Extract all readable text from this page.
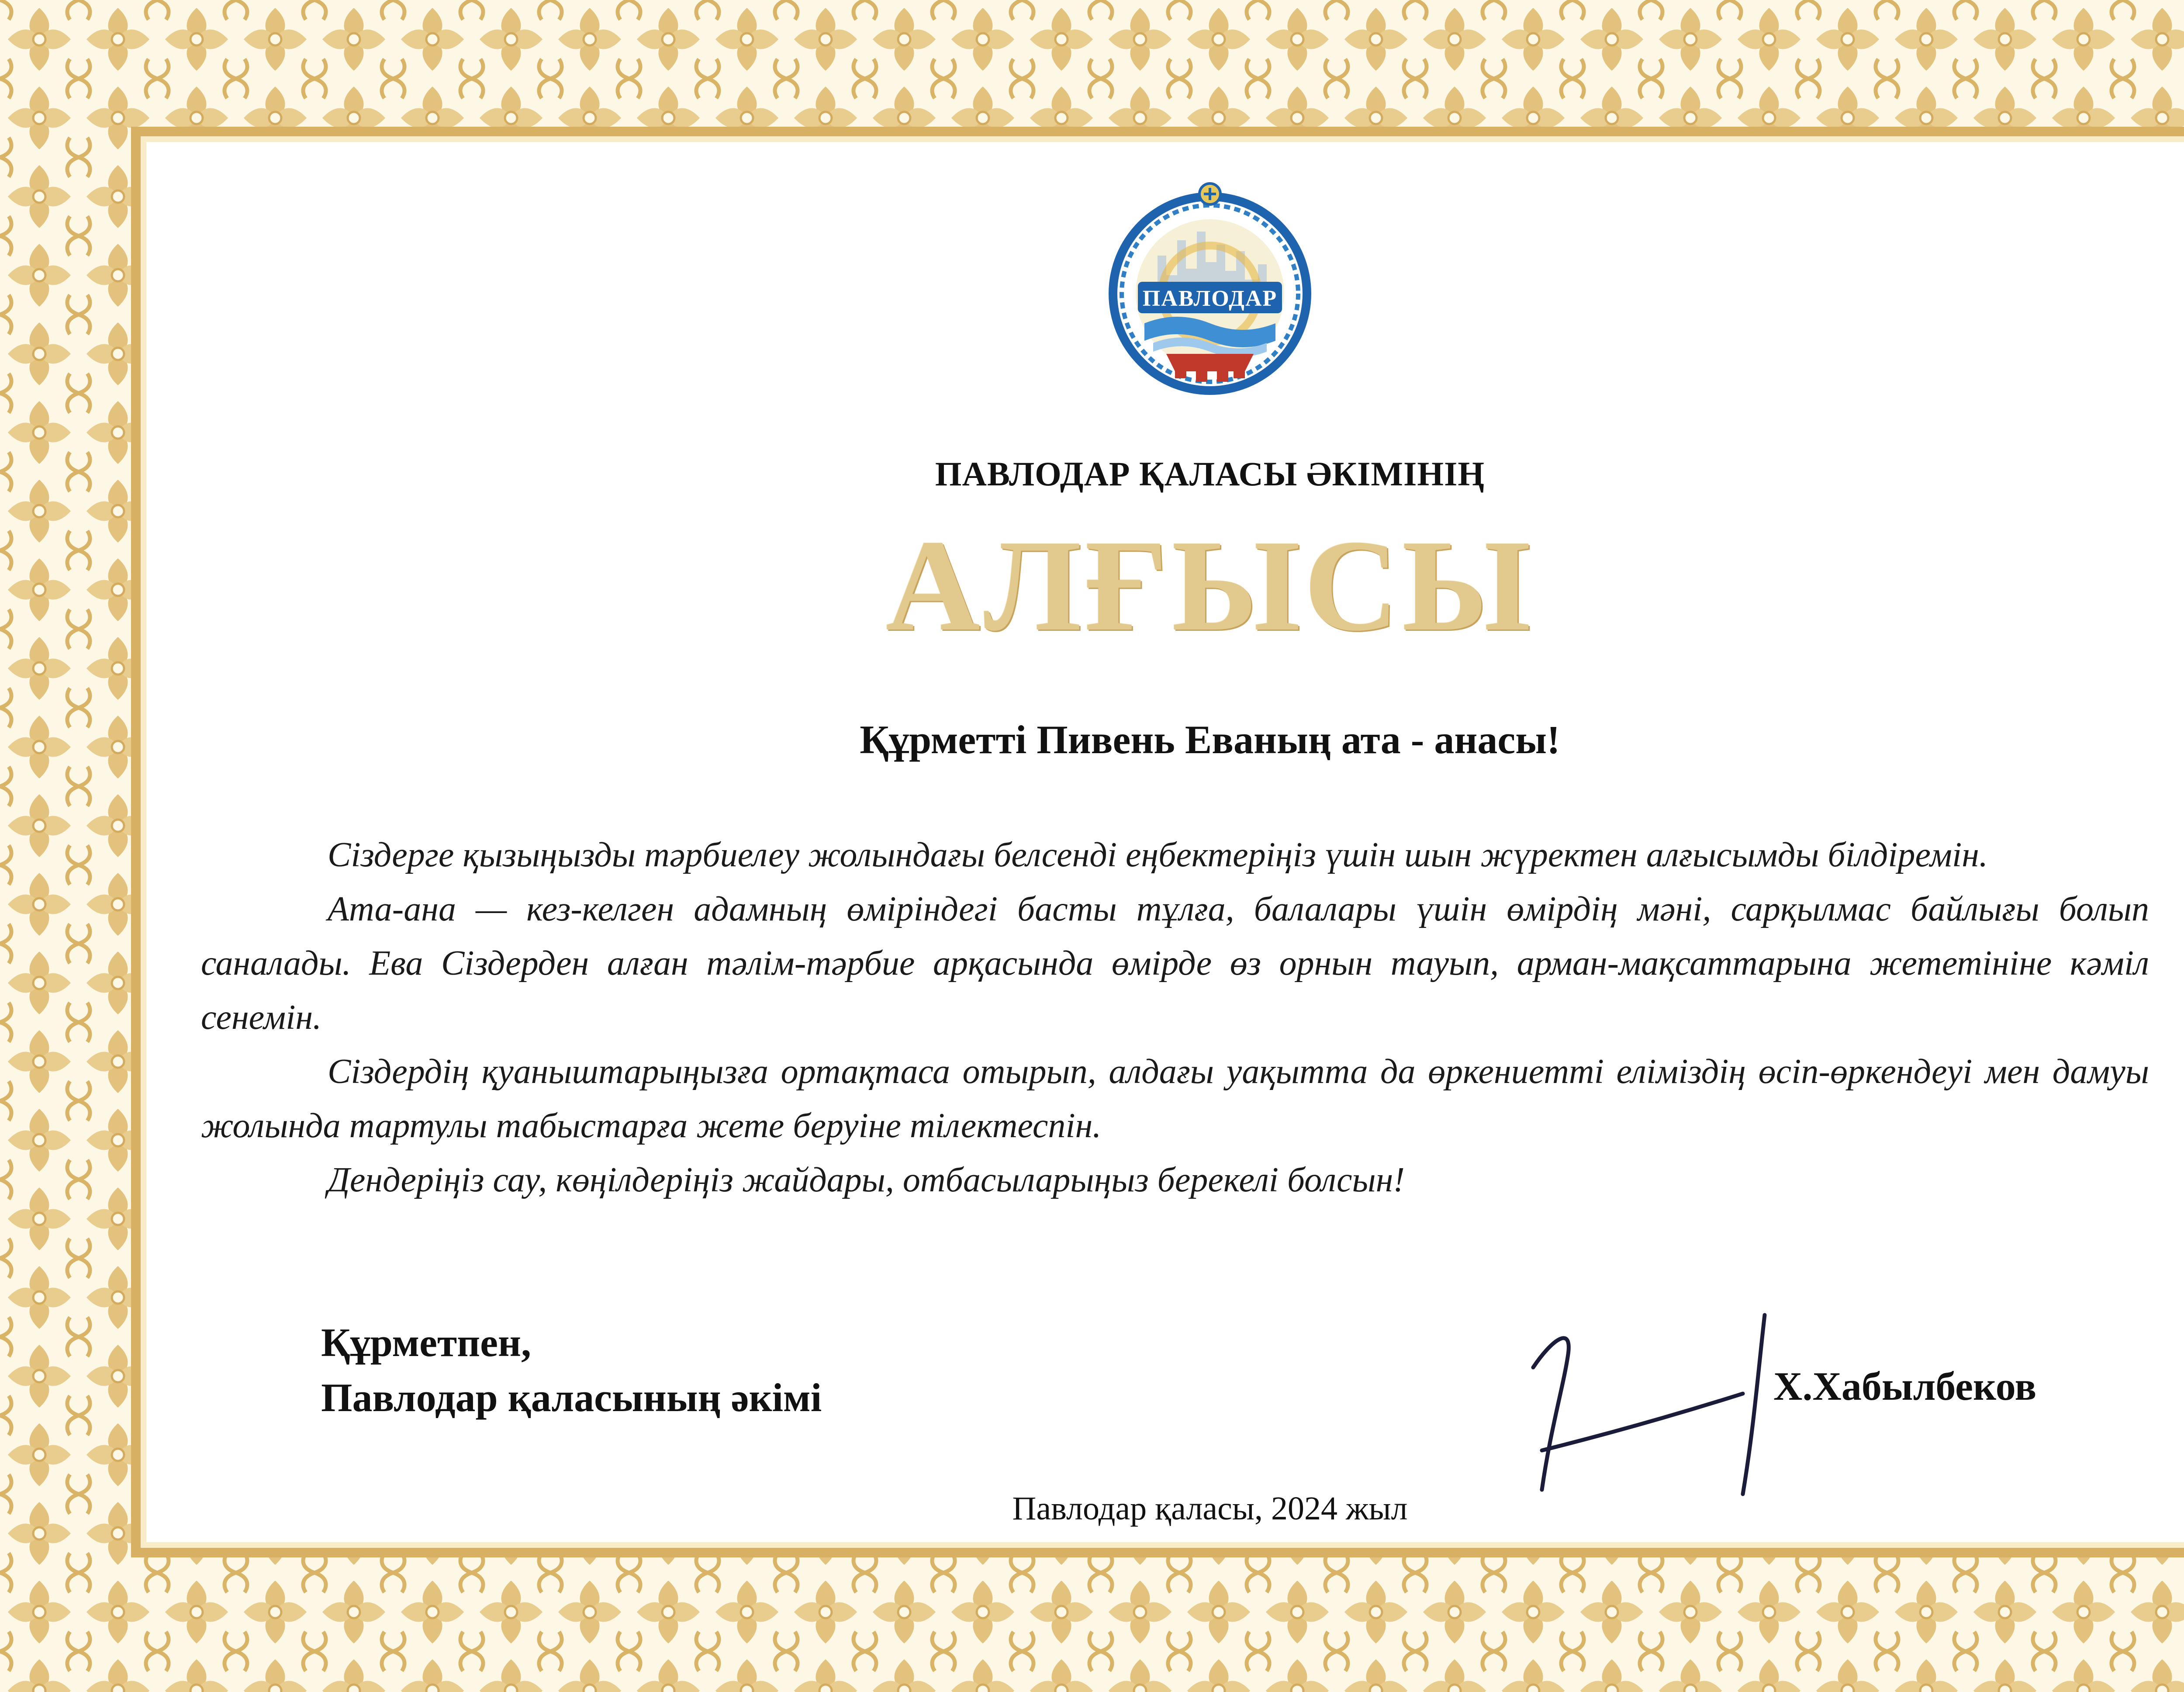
ПАВЛОДАР
ПАВЛОДАР ҚАЛАСЫ ӘКІМІНІҢ
АЛҒЫСЫ
Құрметті Пивень Еваның ата - анасы!

Сіздерге қызыңызды тәрбиелеу жолындағы белсенді еңбектеріңіз үшін шын жүректен алғысымды білдіремін.

Ата-ана — кез-келген адамның өміріндегі басты тұлға, балалары үшін өмірдің мәні, сарқылмас байлығы болып саналады. Ева Сіздерден алған тәлім-тәрбие арқасында өмірде өз орнын тауып, арман-мақсаттарына жететініне кәміл сенемін.

Сіздердің қуаныштарыңызға ортақтаса отырып, алдағы уақытта да өркениетті еліміздің өсіп-өркендеуі мен дамуы жолында тартулы табыстарға жете беруіне тілектеспін.

Дендеріңіз сау, көңілдеріңіз жайдары, отбасыларыңыз берекелі болсын!

Құрметпен,
Павлодар қаласының әкімі	Х.Хабылбеков
Павлодар қаласы, 2024 жыл
